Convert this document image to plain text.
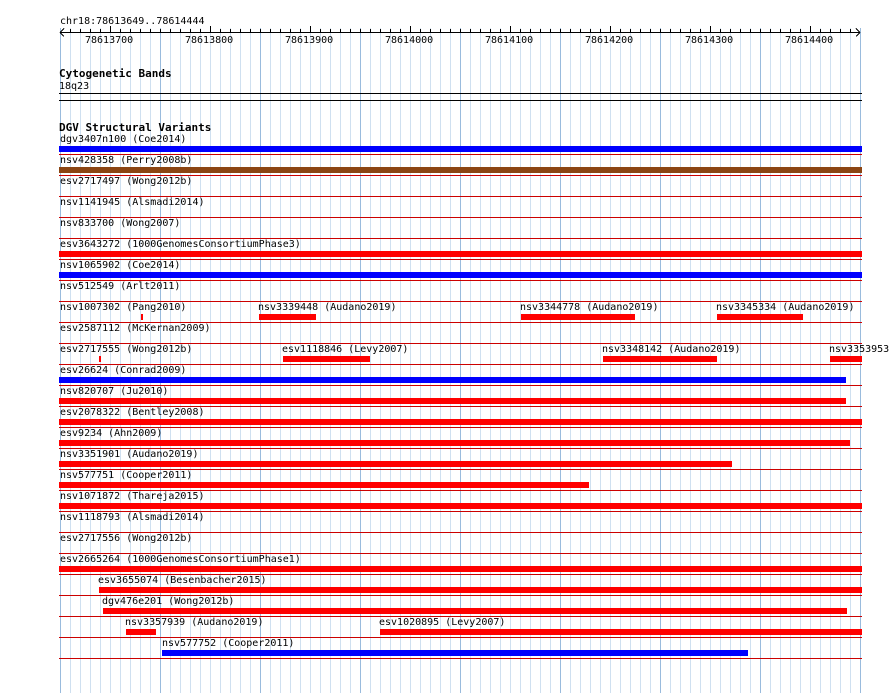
chr18:78613649..78614444
78613700	78613800	78613900	78614000	78614100	78614200	78614300	78614400
Cytogenetic Bands
18q23
DGV Structural Variants
dgv3407n100 (Coe2014)
nsv428358 (Perry2008b)
esv2717497 (Wong2012b)
nsv1141945 (Alsmadi2014)
nsv833700 (Wong2007)
esv3643272 (1000GenomesConsortiumPhase3)
nsv1065902 (Coe2014)
nsv512549 (Arlt2011)
nsv1007302 (Pang2010)	nsv3339448 (Audano2019)	nsv3344778 (Audano2019)	nsv3345334 (Audano2019)
esv2587112 (McKernan2009)
esv2717555 (Wong2012b)	esv1118846 (Levy2007)	nsv3348142 (Audano2019)	nsv3353953
esv26624 (Conrad2009)
nsv820707 (Ju2010)
esv2078322 (Bentley2008)
esv9234 (Ahn2009)
nsv3351901 (Audano2019)
nsv577751 (Cooper2011)
nsv1071872 (Thareja2015)
nsv1118793 (Alsmadi2014)
esv2717556 (Wong2012b)
esv2665264 (1000GenomesConsortiumPhase1)
esv3655074 (Besenbacher2015)
dgv476e201 (Wong2012b)
nsv3357939 (Audano2019)	esv1020895 (Levy2007)
nsv577752 (Cooper2011)
